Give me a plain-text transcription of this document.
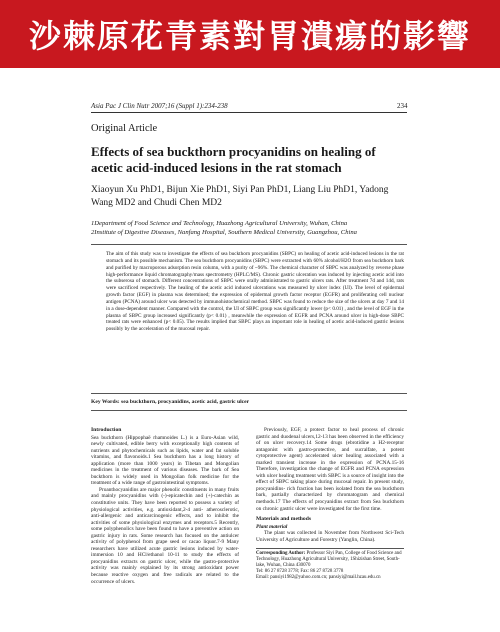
沙棘原花青素對胃潰瘍的影響
Asia Pac J Clin Nutr 2007;16 (Suppl 1):234-238	234
Original Article
Effects of sea buckthorn procyanidins on healing of acetic acid-induced lesions in the rat stomach
Xiaoyun Xu PhD1, Bijun Xie PhD1, Siyi Pan PhD1, Liang Liu PhD1, Yadong Wang MD2 and Chudi Chen MD2
1Department of Food Science and Technology, Huazhong Agricultural University, Wuhan, China
2Institute of Digestive Diseases, Nanfang Hospital, Southern Medical University, Guangzhou, China

The aim of this study was to investigate the effects of sea buckthorn procyanidins (SBPC) on healing of acetic acid-induced lesions in the rat stomach and its possible mechanism. The sea buckthorn procyanidins (SBPC) were extracted with 60% alcohol/H2O from sea buckthorn bark and purified by macroporous adsorption resin column, with a purity of ~96%. The chemical character of SBPC was analyzed by reverse phase high-performance liquid chromatography/mass spectrometry (HPLC/MS). Chronic gastric ulceration was induced by injecting acetic acid into the subserosa of stomach. Different concentrations of SBPC were orally administrated to gastric ulcers rats. After treatment 7d and 14d, rats were sacrificed respectively. The healing of the acetic acid induced ulcerations was measured by ulcer index (UI). The level of epidermal growth factor (EGF) in plasma was determined; the expression of epidermal growth factor receptor (EGFR) and proliferating cell nuclear antigen (PCNA) around ulcer was detected by immunohistochemical method. SBPC was found to reduce the size of the ulcers at day 7 and 14 in a dose-dependent manner. Compared with the control, the UI of SBPC group was significantly lower (p< 0.01) , and the level of EGF in the plasma of SBPC group increased significantly (p< 0.01) , meanwhile the expression of EGFR and PCNA around ulcer in high-dose SBPC treated rats were enhanced (p< 0.05). The results implied that SBPC plays an important role in healing of acetic acid-induced gastric lesions possibly by the acceleration of the mucosal repair.

Key Words: sea buckthorn, procyanidins, acetic acid, gastric ulcer
Introduction

Sea buckthorn (Hippophaë rhamnoides L.) is a Euro-Asian wild, newly cultivated, edible berry with exceptionally high contents of nutrients and phytochemicals such as lipids, water and fat soluble vitamins, and flavonoids.1 Sea buckthorn has a long history of application (more than 1000 years) in Tibetan and Mongolian medicines in the treatment of various diseases. The bark of Sea buckthorn is widely used in Mongolian folk medicine for the treatment of a wide range of gastrointestinal symptoms.

Proanthocyanidins are major phenolic constituents in many fruits and mainly procyanidins with (-)-epicatechin and (+)-catechin as constitutive units. They have been reported to possess a variety of physiological activities, e.g. antioxidant,2-4 anti- atherosclerotic, anti-allergenic and anticarcinogenic effects, and to inhibit the activities of some physiological enzymes and receptors.5 Recently, some polyphenolics have been found to have a preventive action on gastric injury in rats. Some research has focused on the antiulcer activity of polyphenol from grape seed or cacao liquor.7-9 Many researchers have utilized acute gastric lesions induced by water-immersion 10 and HCl/ethanol 10-11 to study the effects of procyanidins extracts on gastric ulcer, while the gastro-protective activity was mainly explained by its strong antioxidant power because reactive oxygen and free radicals are related to the occurrence of ulcers.

Previously, EGF, a protect factor to heal process of chronic gastric and duodenal ulcers,12-13 has been observed in the efficiency of on ulcer recovery.14 Some drugs (ebrotidine a H2-receptor antagonist with gastro-protective, and sucralfate, a potent cytoprotective agent) accelerated ulcer healing associated with a marked transient increase in the expression of PCNA.15-16 Therefore, investigation the change of EGFR and PCNA expression with ulcer healing treatment with SBPC is a source of insight into the effect of SBPC taking place during mucosal repair. In present study, procyanidins- rich fraction has been isolated from the sea buckthorn bark, partially characterized by chromatogram and chemical methods.17 The effects of procyanidins extract from Sea buckthorn on chronic gastric ulcer were investigated for the first time.

Materials and methods
Plant material

The plant was collected in November from Northwest Sci-Tech University of Agriculture and Forestry (Yanglin, China).

Corresponding Author: Professor Siyi Pan, College of Food Science and Technology, Huazhong Agricultural University, 1Shizishan Street, South-lake, Wuhan, China 430070
Tel: 86 27 8728 3778; Fax: 86 27 8728 3778
Email: pansiyi1982@yahoo.com.cn; pansiyi@mail.hzau.edu.cn
